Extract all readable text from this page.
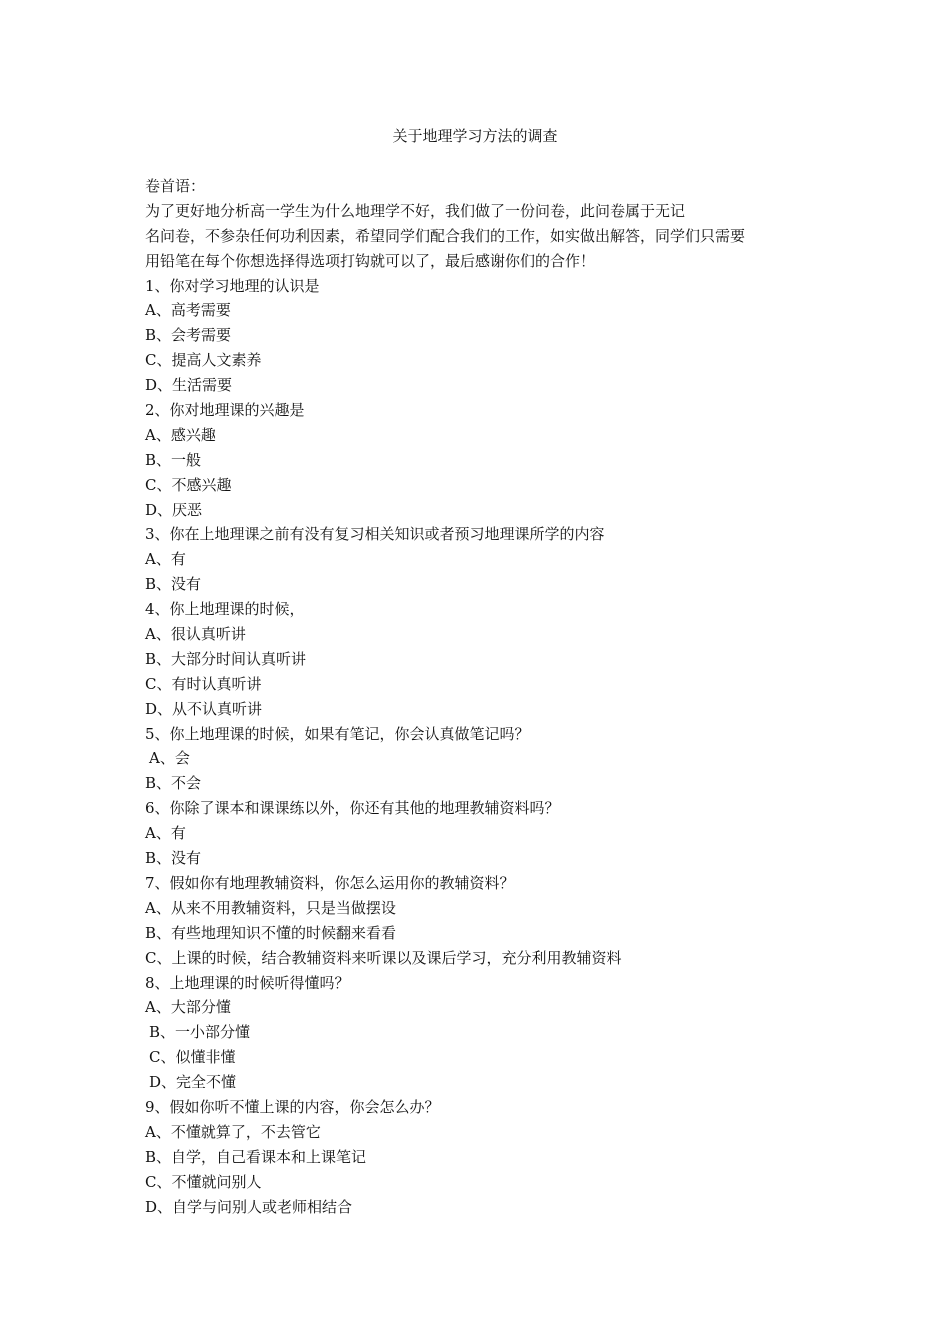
关于地理学习方法的调查
卷首语：
为了更好地分析高一学生为什么地理学不好，我们做了一份问卷，此问卷属于无记
名问卷，不参杂任何功利因素，希望同学们配合我们的工作，如实做出解答，同学们只需要
用铅笔在每个你想选择得选项打钩就可以了，最后感谢你们的合作！
1、你对学习地理的认识是
A、高考需要
B、会考需要
C、提高人文素养
D、生活需要
2、你对地理课的兴趣是
A、感兴趣
B、一般
C、不感兴趣
D、厌恶
3、你在上地理课之前有没有复习相关知识或者预习地理课所学的内容
A、有
B、没有
4、你上地理课的时候，
A、很认真听讲
B、大部分时间认真听讲
C、有时认真听讲
D、从不认真听讲
5、你上地理课的时候，如果有笔记，你会认真做笔记吗？
A、会
B、不会
6、你除了课本和课课练以外，你还有其他的地理教辅资料吗？
A、有
B、没有
7、假如你有地理教辅资料，你怎么运用你的教辅资料？
A、从来不用教辅资料，只是当做摆设
B、有些地理知识不懂的时候翻来看看
C、上课的时候，结合教辅资料来听课以及课后学习，充分利用教辅资料
8、上地理课的时候听得懂吗？
A、大部分懂
B、一小部分懂
C、似懂非懂
D、完全不懂
9、假如你听不懂上课的内容，你会怎么办？
A、不懂就算了，不去管它
B、自学，自己看课本和上课笔记
C、不懂就问别人
D、自学与问别人或老师相结合
